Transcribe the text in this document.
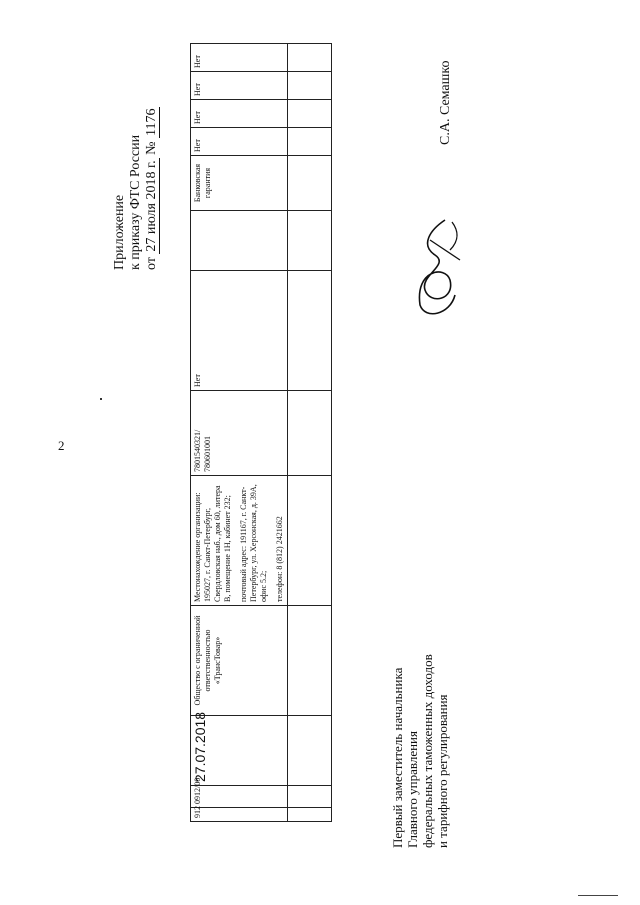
2
Приложение к приказу ФТС России от 27 июля 2018 г. № 1176
912	0912/00	27.07.2018	Общество с ограниченной ответственностью «ТрансТовар»	Местонахождение организации: 195027, г. Санкт-Петербург, Свердловская наб., дом 60, литера В, помещение 1Н, кабинет 232; почтовый адрес: 191167, г. Санкт-Петербург, ул. Херсонская, д. 39А, офис 5.2; телефон: 8 (812) 2421662	7801540321/ 780601001	Нет		Банковская гарантия	Нет	Нет	Нет	Нет

Первый заместитель начальника Главного управления федеральных таможенных доходов и тарифного регулирования
С.А. Семашко
